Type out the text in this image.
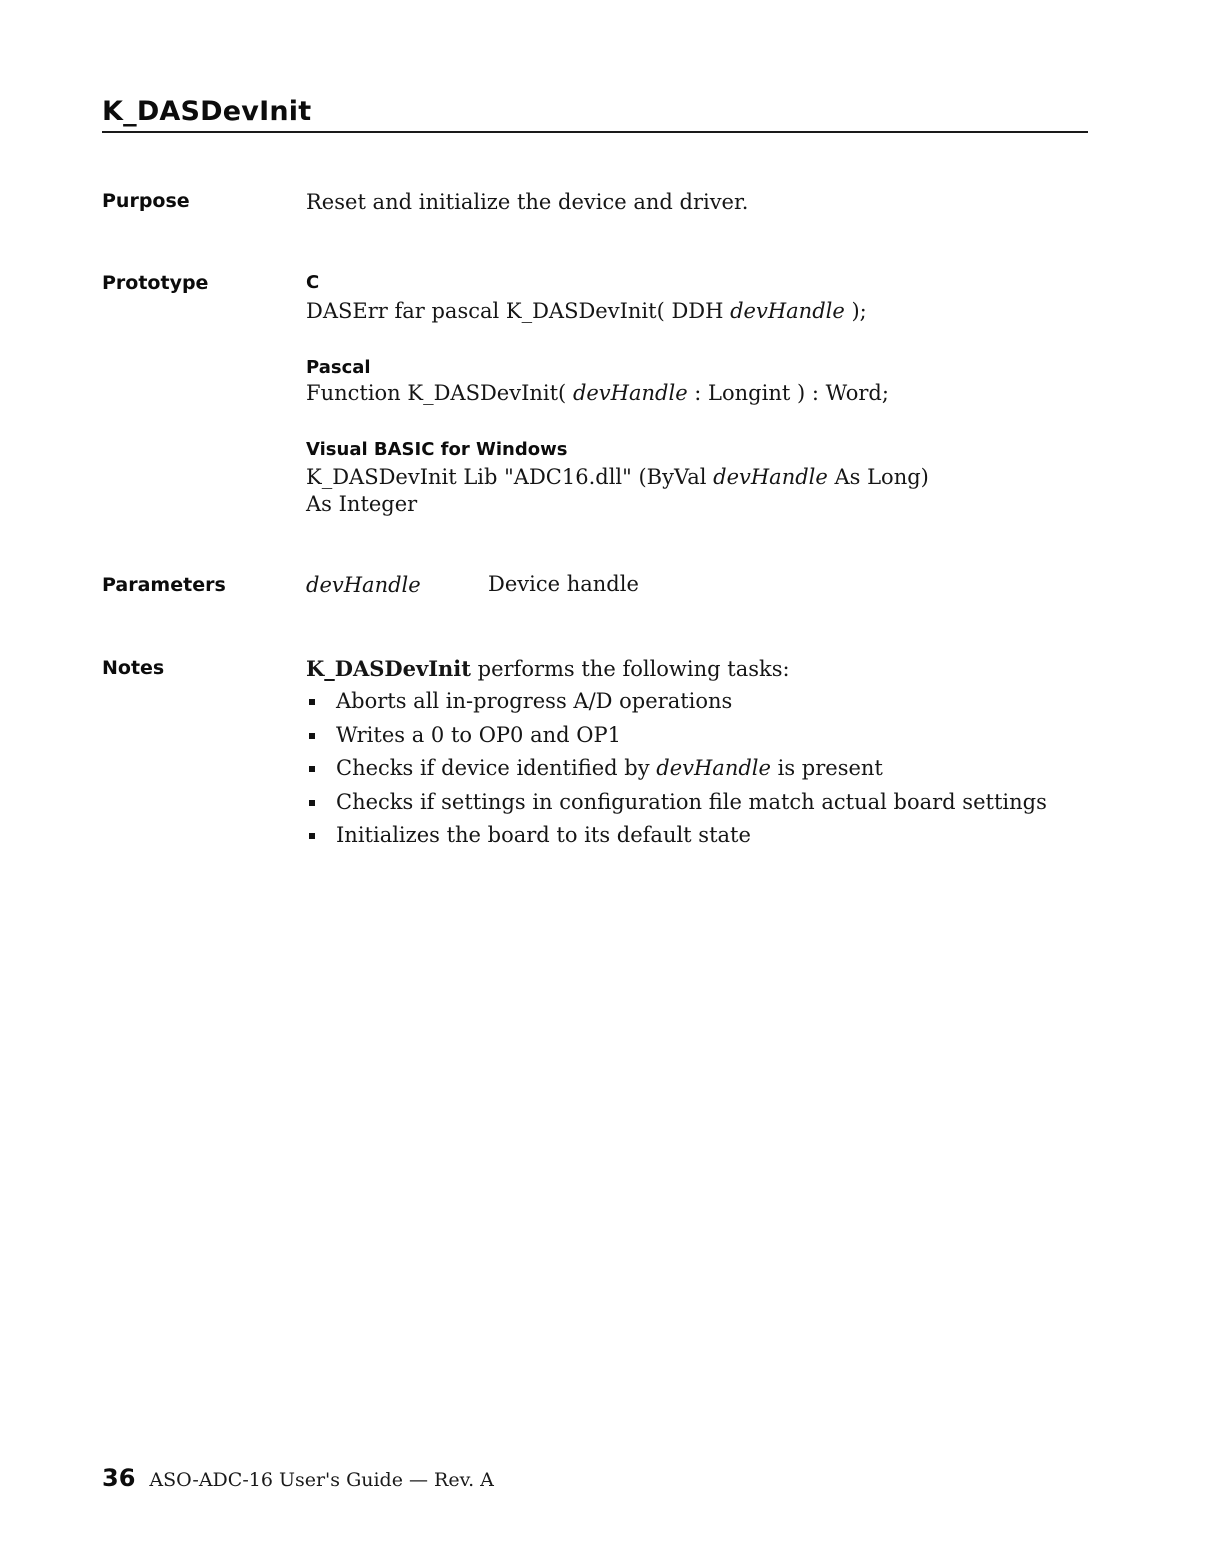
K_DASDevInit
Purpose	Reset and initialize the device and driver.
Prototype	C
DASErr far pascal K_DASDevInit( DDH devHandle );
Pascal
Function K_DASDevInit( devHandle : Longint ) : Word;
Visual BASIC for Windows
K_DASDevInit Lib "ADC16.dll" (ByVal devHandle As Long)
As Integer
Parameters	devHandle	Device handle
Notes	K_DASDevInit performs the following tasks:
Aborts all in-progress A/D operations
Writes a 0 to OP0 and OP1
Checks if device identified by devHandle is present
Checks if settings in configuration file match actual board settings
Initializes the board to its default state
36 ASO-ADC-16 User's Guide — Rev. A
